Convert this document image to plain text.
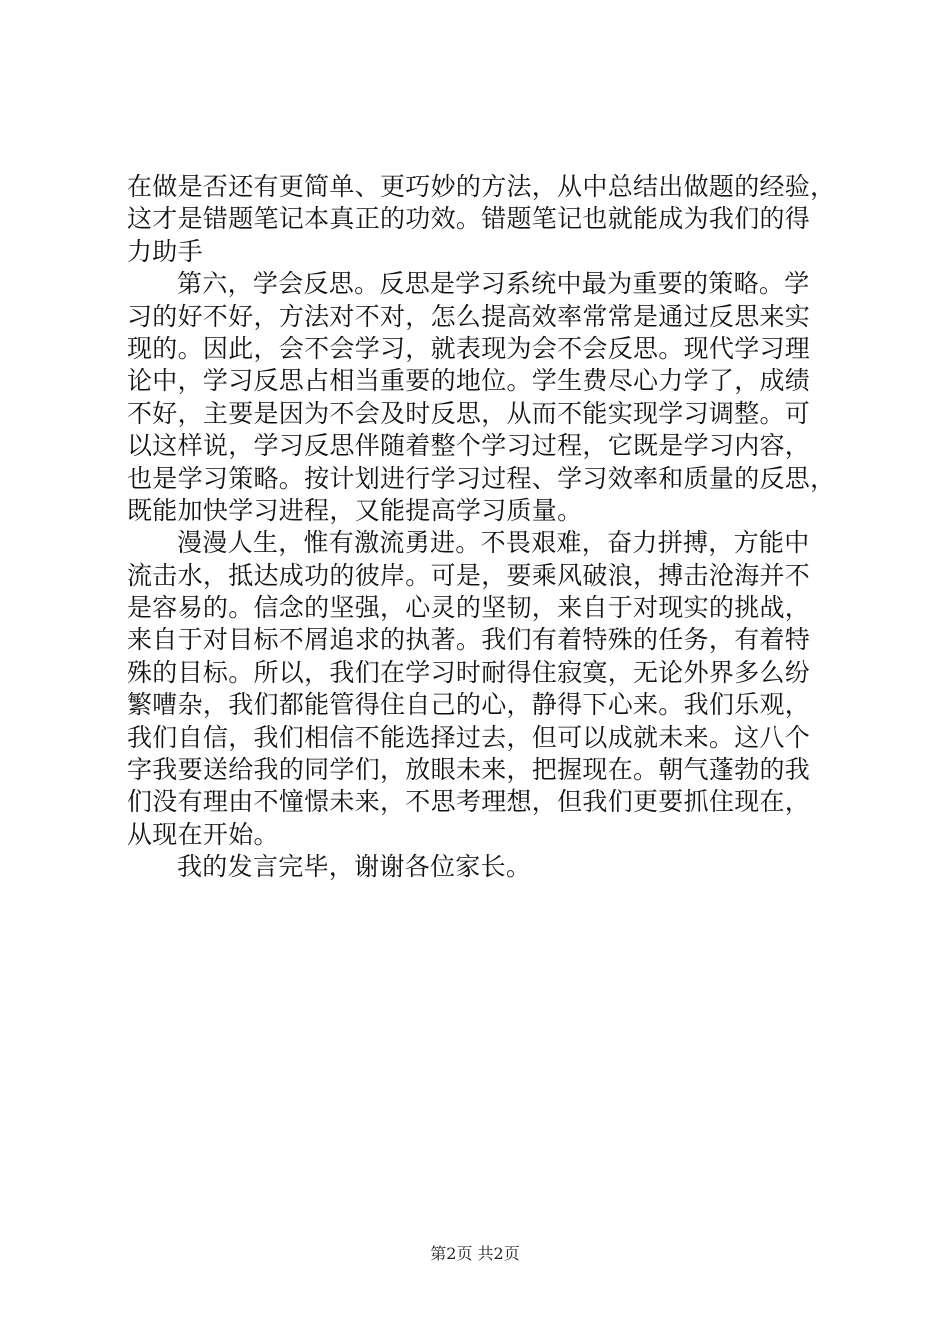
在做是否还有更简单、更巧妙的方法，从中总结出做题的经验，
这才是错题笔记本真正的功效。错题笔记也就能成为我们的得
力助手
第六，学会反思。反思是学习系统中最为重要的策略。学
习的好不好，方法对不对，怎么提高效率常常是通过反思来实
现的。因此，会不会学习，就表现为会不会反思。现代学习理
论中，学习反思占相当重要的地位。学生费尽心力学了，成绩
不好，主要是因为不会及时反思，从而不能实现学习调整。可
以这样说，学习反思伴随着整个学习过程，它既是学习内容，
也是学习策略。按计划进行学习过程、学习效率和质量的反思，
既能加快学习进程，又能提高学习质量。
漫漫人生，惟有激流勇进。不畏艰难，奋力拼搏，方能中
流击水，抵达成功的彼岸。可是，要乘风破浪，搏击沧海并不
是容易的。信念的坚强，心灵的坚韧，来自于对现实的挑战，
来自于对目标不屑追求的执著。我们有着特殊的任务，有着特
殊的目标。所以，我们在学习时耐得住寂寞，无论外界多么纷
繁嘈杂，我们都能管得住自己的心，静得下心来。我们乐观，
我们自信，我们相信不能选择过去，但可以成就未来。这八个
字我要送给我的同学们，放眼未来，把握现在。朝气蓬勃的我
们没有理由不憧憬未来，不思考理想，但我们更要抓住现在，
从现在开始。
我的发言完毕，谢谢各位家长。
第2页 共2页
